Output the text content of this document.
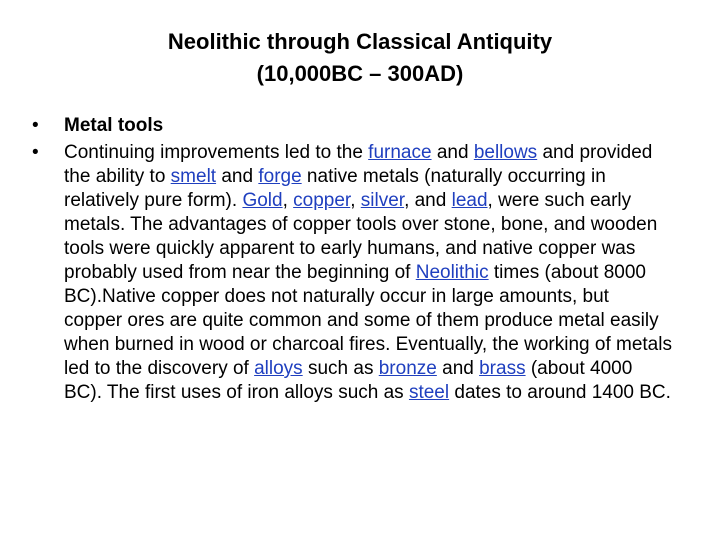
Neolithic through Classical Antiquity
(10,000BC – 300AD)
•	Metal tools
•	Continuing improvements led to the furnace and bellows and provided the ability to smelt and forge native metals (naturally occurring in relatively pure form). Gold, copper, silver, and lead, were such early metals. The advantages of copper tools over stone, bone, and wooden tools were quickly apparent to early humans, and native copper was probably used from near the beginning of Neolithic times (about 8000 BC).Native copper does not naturally occur in large amounts, but copper ores are quite common and some of them produce metal easily when burned in wood or charcoal fires. Eventually, the working of metals led to the discovery of alloys such as bronze and brass (about 4000 BC). The first uses of iron alloys such as steel dates to around 1400 BC.
